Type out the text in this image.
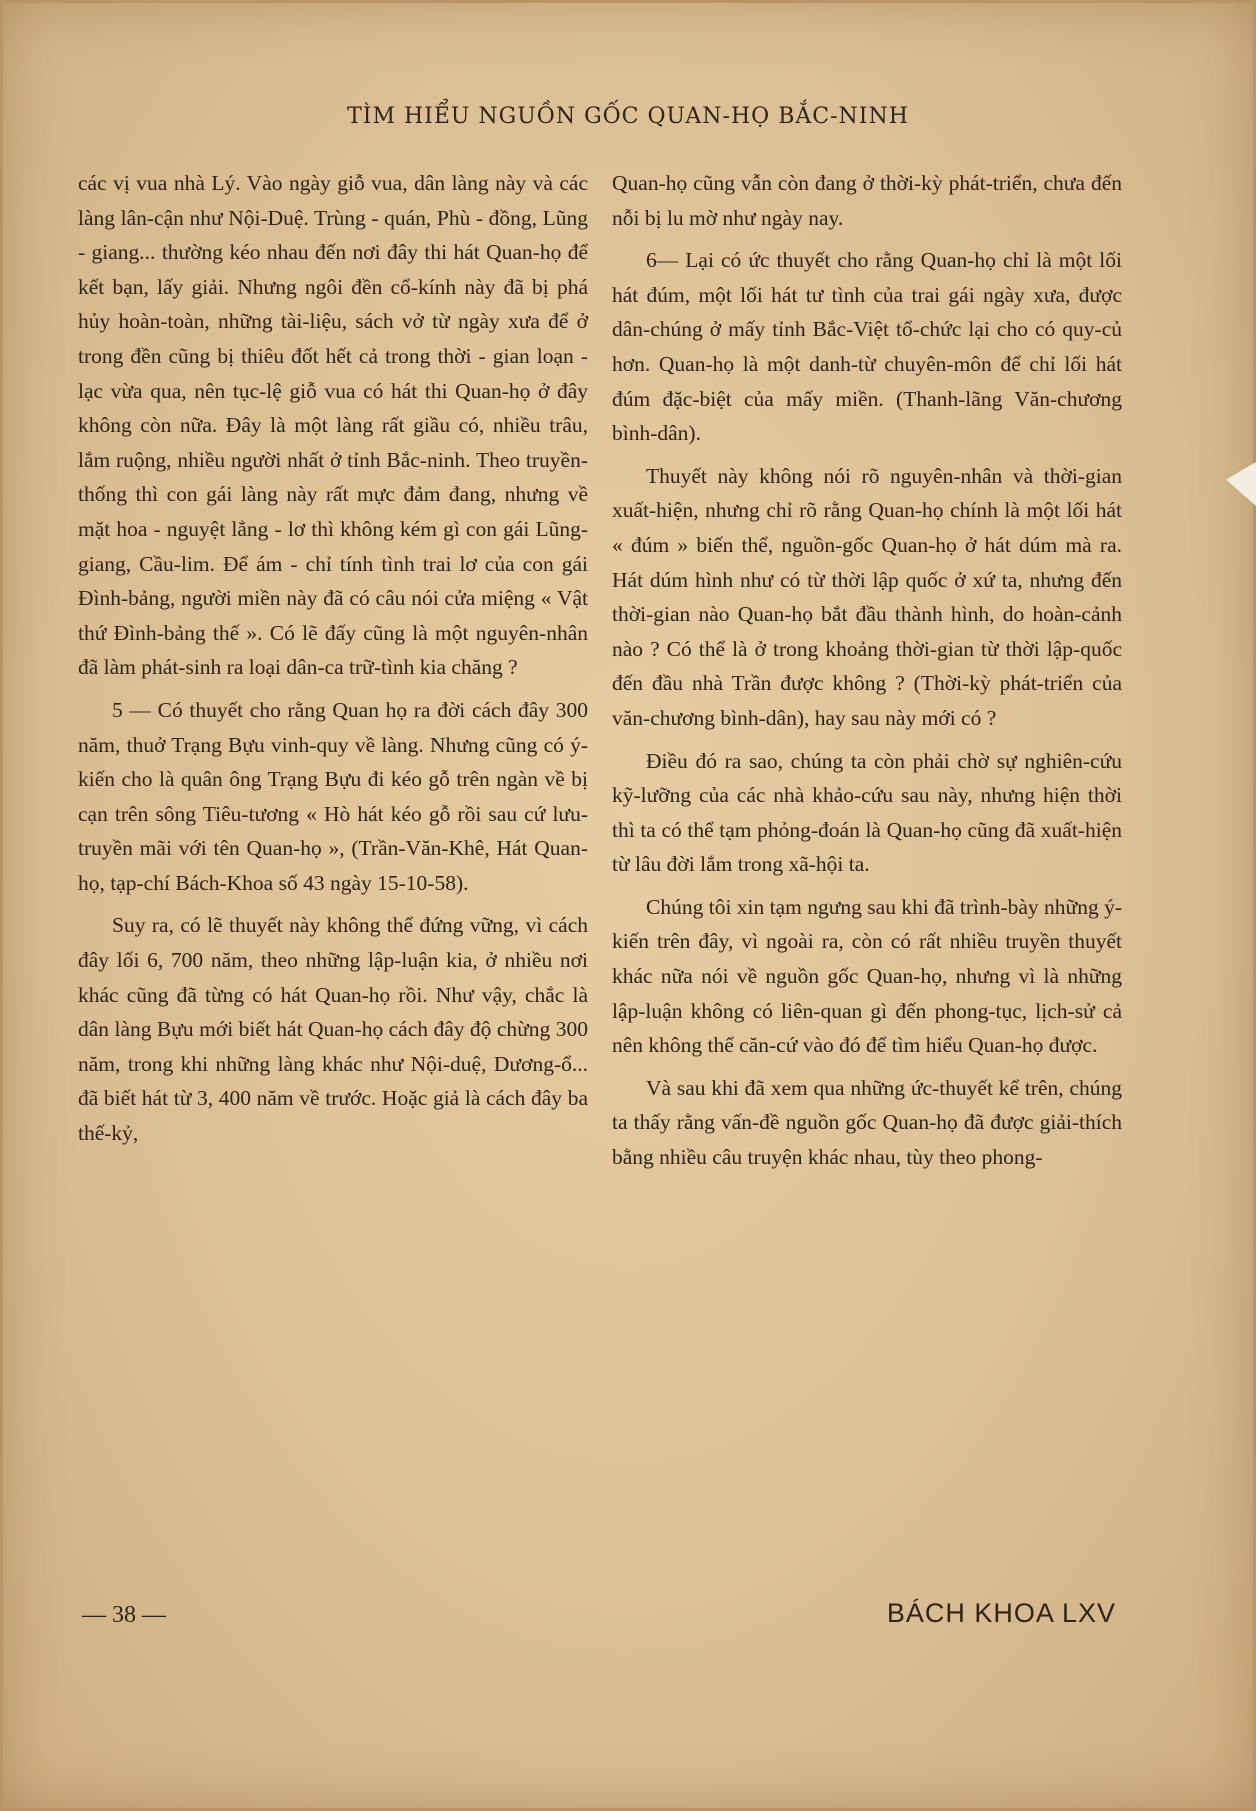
TÌM HIỂU NGUỒN GỐC QUAN-HỌ BẮC-NINH

các vị vua nhà Lý. Vào ngày giỗ vua, dân làng này và các làng lân-cận như Nội-Duệ. Trùng - quán, Phù - đồng, Lũng - giang... thường kéo nhau đến nơi đây thi hát Quan-họ để kết bạn, lấy giải. Nhưng ngôi đền cổ-kính này đã bị phá hủy hoàn-toàn, những tài-liệu, sách vở từ ngày xưa để ở trong đền cũng bị thiêu đốt hết cả trong thời - gian loạn - lạc vừa qua, nên tục-lệ giỗ vua có hát thi Quan-họ ở đây không còn nữa. Đây là một làng rất giầu có, nhiều trâu, lắm ruộng, nhiều người nhất ở tỉnh Bắc-ninh. Theo truyền-thống thì con gái làng này rất mực đảm đang, nhưng về mặt hoa - nguyệt lẳng - lơ thì không kém gì con gái Lũng-giang, Cầu-lim. Để ám - chỉ tính tình trai lơ của con gái Đình-bảng, người miền này đã có câu nói cửa miệng « Vật thứ Đình-bảng thế ». Có lẽ đấy cũng là một nguyên-nhân đã làm phát-sinh ra loại dân-ca trữ-tình kia chăng ?

5 — Có thuyết cho rằng Quan họ ra đời cách đây 300 năm, thuở Trạng Bựu vinh-quy về làng. Nhưng cũng có ý-kiến cho là quân ông Trạng Bựu đi kéo gỗ trên ngàn về bị cạn trên sông Tiêu-tương « Hò hát kéo gỗ rồi sau cứ lưu-truyền mãi với tên Quan-họ », (Trần-Văn-Khê, Hát Quan-họ, tạp-chí Bách-Khoa số 43 ngày 15-10-58).

Suy ra, có lẽ thuyết này không thể đứng vững, vì cách đây lối 6, 700 năm, theo những lập-luận kia, ở nhiều nơi khác cũng đã từng có hát Quan-họ rồi. Như vậy, chắc là dân làng Bựu mới biết hát Quan-họ cách đây độ chừng 300 năm, trong khi những làng khác như Nội-duệ, Dương-ổ... đã biết hát từ 3, 400 năm về trước. Hoặc giả là cách đây ba thế-kỷ,

Quan-họ cũng vẫn còn đang ở thời-kỳ phát-triển, chưa đến nỗi bị lu mờ như ngày nay.

6— Lại có ức thuyết cho rằng Quan-họ chỉ là một lối hát đúm, một lối hát tư tình của trai gái ngày xưa, được dân-chúng ở mấy tỉnh Bắc-Việt tổ-chức lại cho có quy-củ hơn. Quan-họ là một danh-từ chuyên-môn để chỉ lối hát đúm đặc-biệt của mấy miền. (Thanh-lãng Văn-chương bình-dân).

Thuyết này không nói rõ nguyên-nhân và thời-gian xuất-hiện, nhưng chỉ rõ rằng Quan-họ chính là một lối hát « đúm » biến thể, nguồn-gốc Quan-họ ở hát dúm mà ra. Hát dúm hình như có từ thời lập quốc ở xứ ta, nhưng đến thời-gian nào Quan-họ bắt đầu thành hình, do hoàn-cảnh nào ? Có thể là ở trong khoảng thời-gian từ thời lập-quốc đến đầu nhà Trần được không ? (Thời-kỳ phát-triển của văn-chương bình-dân), hay sau này mới có ?

Điều đó ra sao, chúng ta còn phải chờ sự nghiên-cứu kỹ-lưỡng của các nhà khảo-cứu sau này, nhưng hiện thời thì ta có thể tạm phỏng-đoán là Quan-họ cũng đã xuất-hiện từ lâu đời lắm trong xã-hội ta.

Chúng tôi xin tạm ngưng sau khi đã trình-bày những ý-kiến trên đây, vì ngoài ra, còn có rất nhiều truyền thuyết khác nữa nói về nguồn gốc Quan-họ, nhưng vì là những lập-luận không có liên-quan gì đến phong-tục, lịch-sử cả nên không thể căn-cứ vào đó để tìm hiểu Quan-họ được.

Và sau khi đã xem qua những ức-thuyết kể trên, chúng ta thấy rằng vấn-đề nguồn gốc Quan-họ đã được giải-thích bằng nhiều câu truyện khác nhau, tùy theo phong-

— 38 —	BÁCH KHOA LXV
